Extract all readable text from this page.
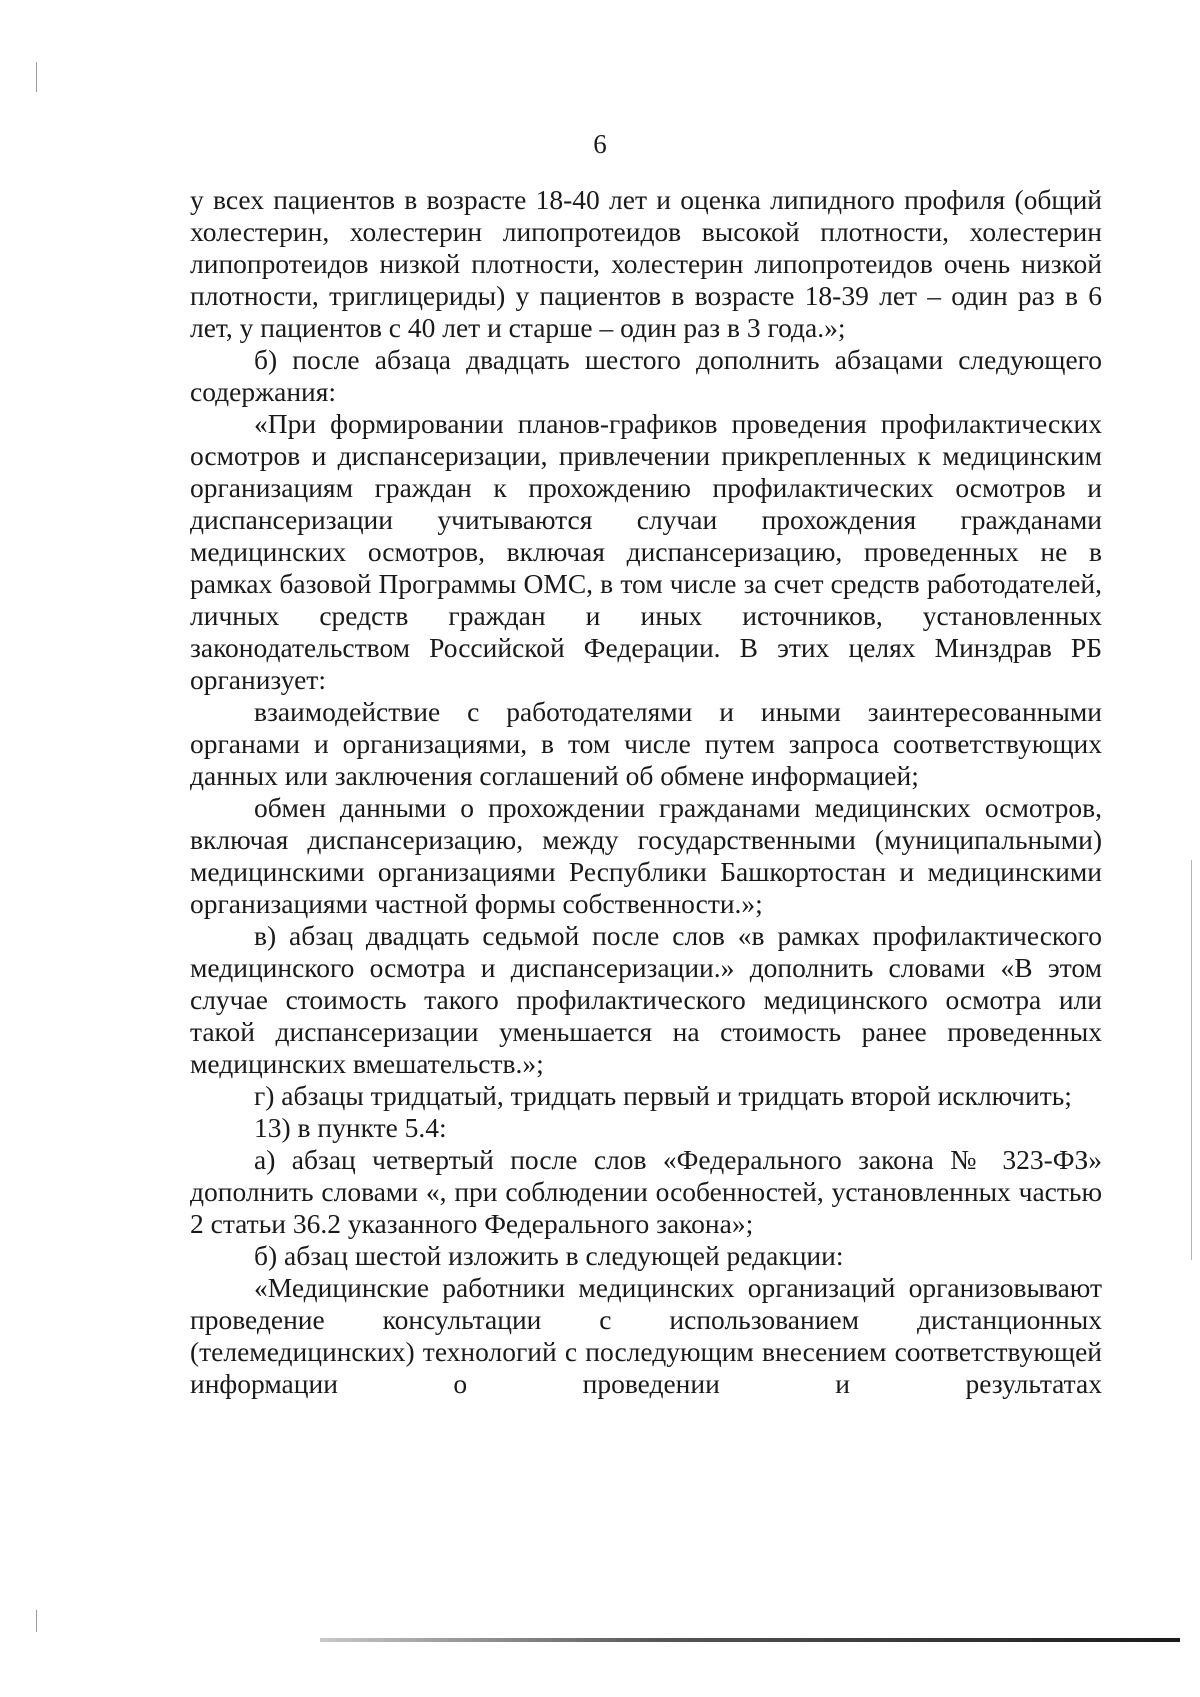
6

у всех пациентов в возрасте 18-40 лет и оценка липидного профиля (общий холестерин, холестерин липопротеидов высокой плотности, холестерин липопротеидов низкой плотности, холестерин липопротеидов очень низкой плотности, триглицериды) у пациентов в возрасте 18-39 лет – один раз в 6 лет, у пациентов с 40 лет и старше – один раз в 3 года.»;

б) после абзаца двадцать шестого дополнить абзацами следующего содержания:

«При формировании планов-графиков проведения профилактических осмотров и диспансеризации, привлечении прикрепленных к медицинским организациям граждан к прохождению профилактических осмотров и диспансеризации учитываются случаи прохождения гражданами медицинских осмотров, включая диспансеризацию, проведенных не в рамках базовой Программы ОМС, в том числе за счет средств работодателей, личных средств граждан и иных источников, установленных законодательством Российской Федерации. В этих целях Минздрав РБ организует:

взаимодействие с работодателями и иными заинтересованными органами и организациями, в том числе путем запроса соответствующих данных или заключения соглашений об обмене информацией;

обмен данными о прохождении гражданами медицинских осмотров, включая диспансеризацию, между государственными (муниципальными) медицинскими организациями Республики Башкортостан и медицинскими организациями частной формы собственности.»;

в) абзац двадцать седьмой после слов «в рамках профилактического медицинского осмотра и диспансеризации.» дополнить словами «В этом случае стоимость такого профилактического медицинского осмотра или такой диспансеризации уменьшается на стоимость ранее проведенных медицинских вмешательств.»;

г) абзацы тридцатый, тридцать первый и тридцать второй исключить;

13) в пункте 5.4:

а) абзац четвертый после слов «Федерального закона № 323-ФЗ» дополнить словами «, при соблюдении особенностей, установленных частью 2 статьи 36.2 указанного Федерального закона»;

б) абзац шестой изложить в следующей редакции:

«Медицинские работники медицинских организаций организовывают проведение консультации с использованием дистанционных (телемедицинских) технологий с последующим внесением соответствующей информации о проведении и результатах
